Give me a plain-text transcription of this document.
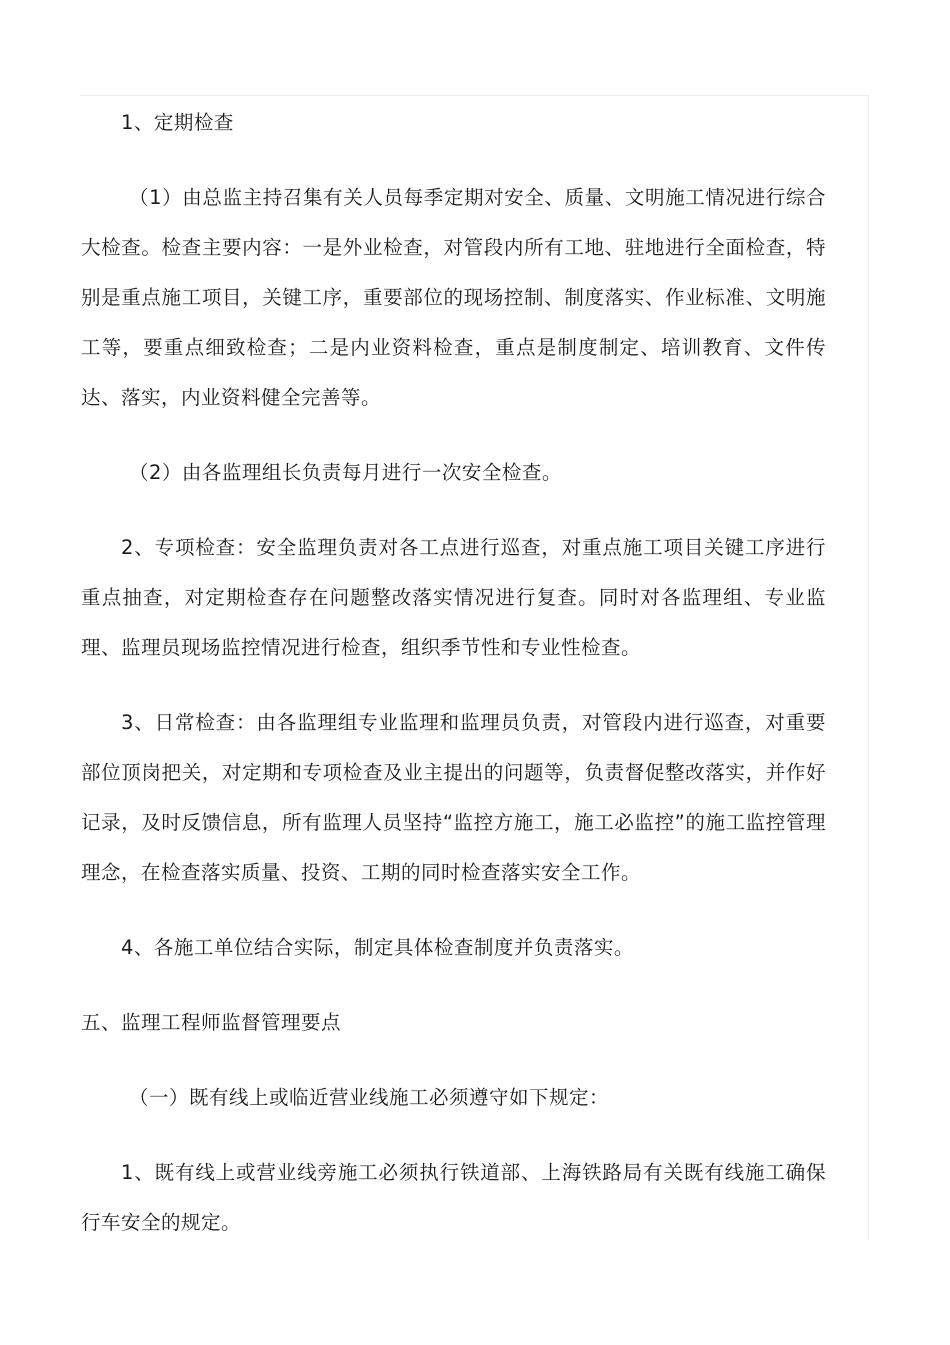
1、定期检查

（1）由总监主持召集有关人员每季定期对安全、质量、文明施工情况进行综合大检查。检查主要内容：一是外业检查，对管段内所有工地、驻地进行全面检查，特别是重点施工项目，关键工序，重要部位的现场控制、制度落实、作业标准、文明施工等，要重点细致检查；二是内业资料检查，重点是制度制定、培训教育、文件传达、落实，内业资料健全完善等。

（2）由各监理组长负责每月进行一次安全检查。

2、专项检查：安全监理负责对各工点进行巡查，对重点施工项目关键工序进行重点抽查，对定期检查存在问题整改落实情况进行复查。同时对各监理组、专业监理、监理员现场监控情况进行检查，组织季节性和专业性检查。

3、日常检查：由各监理组专业监理和监理员负责，对管段内进行巡查，对重要部位顶岗把关，对定期和专项检查及业主提出的问题等，负责督促整改落实，并作好记录，及时反馈信息，所有监理人员坚持“监控方施工，施工必监控”的施工监控管理理念，在检查落实质量、投资、工期的同时检查落实安全工作。

4、各施工单位结合实际，制定具体检查制度并负责落实。

五、监理工程师监督管理要点

（一）既有线上或临近营业线施工必须遵守如下规定：

1、既有线上或营业线旁施工必须执行铁道部、上海铁路局有关既有线施工确保行车安全的规定。
